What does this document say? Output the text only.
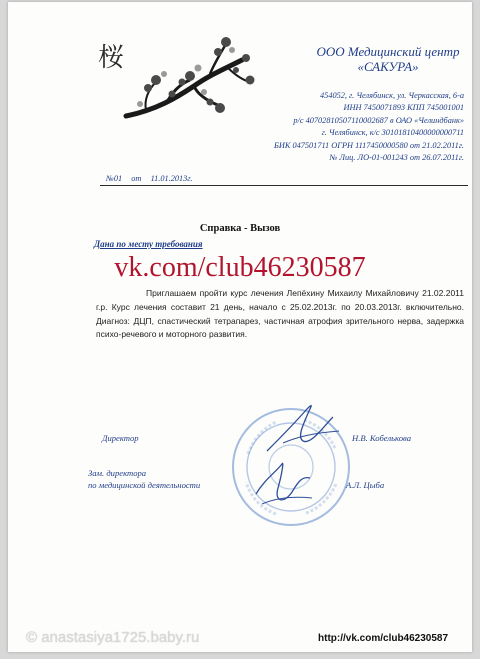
桜	ООО Медицинский центр
«САКУРА»
454052, г. Челябинск, ул. Черкасская, 6-а
ИНН 7450071893 КПП 745001001
р/с 40702810507110002687 в ОАО «Челиндбанк»
г. Челябинск, к/с 30101810400000000711
БИК 047501711 ОГРН 1117450000580 от 21.02.2011г.
№ Лиц. ЛО-01-001243 от 26.07.2011г.
№01 от 11.01.2013г.
Справка - Вызов
Дана по месту требования
vk.com/club46230587

Приглашаем пройти курс лечения Лепёхину Михаилу Михайловичу 21.02.2011 г.р. Курс лечения составит 21 день, начало с 25.02.2013г. по 20.03.2013г. включительно. Диагноз: ДЦП, спастический тетрапарез, частичная атрофия зрительного нерва, задержка психо-речевого и моторного развития.

Директор	Н.В. Кобелькова
Зам. директора
по медицинской деятельности	А.Л. Цыба
© anastasiya1725.baby.ru	http://vk.com/club46230587
